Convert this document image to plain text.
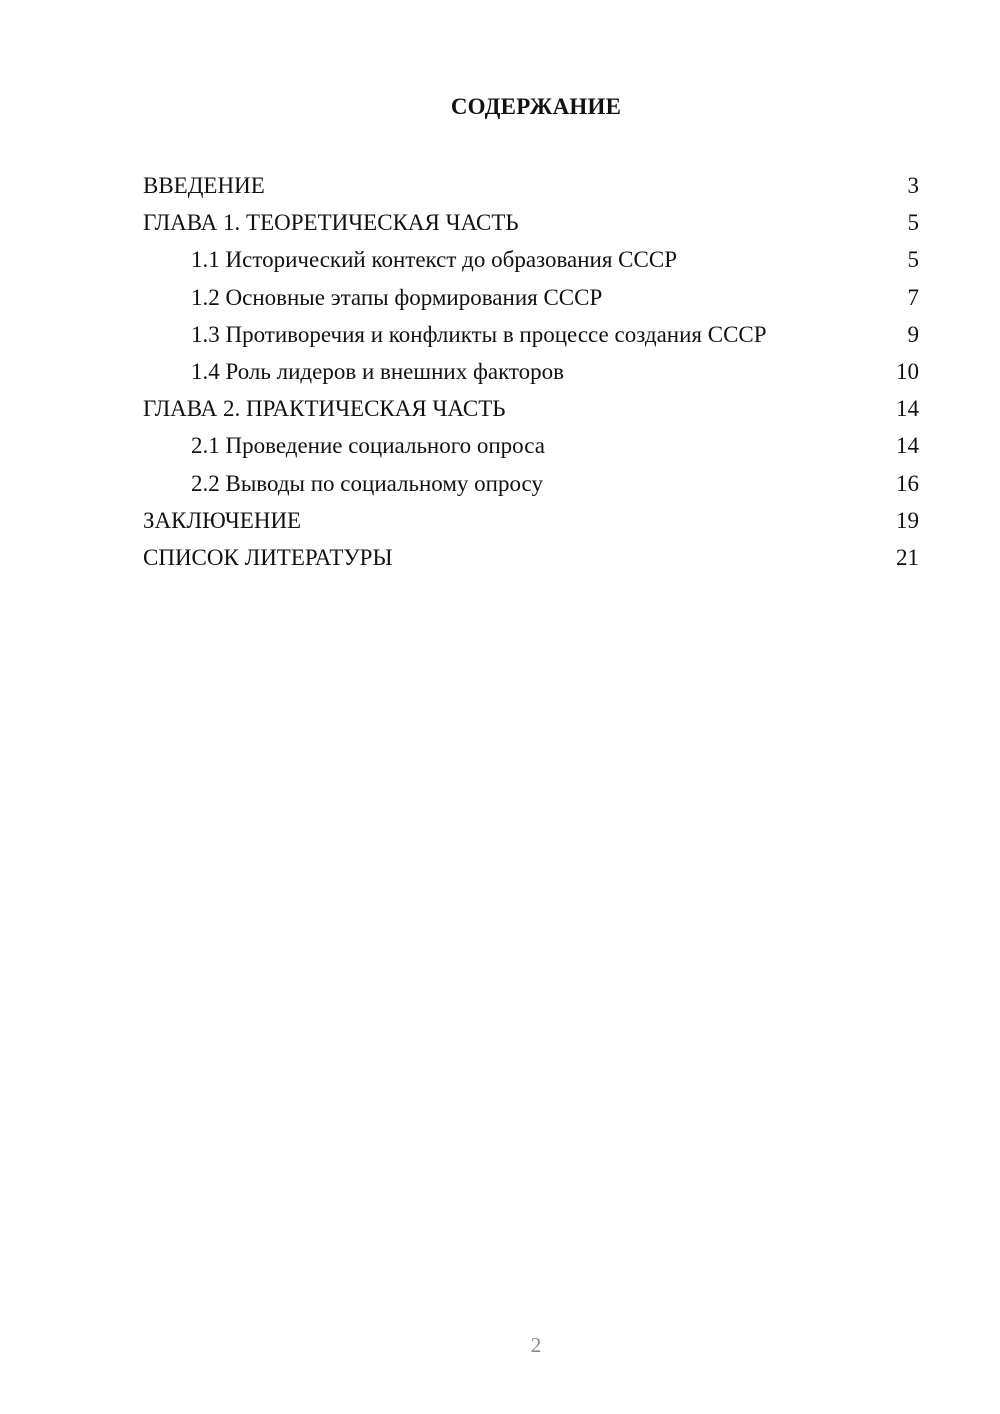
СОДЕРЖАНИЕ
ВВЕДЕНИЕ	3
ГЛАВА 1. ТЕОРЕТИЧЕСКАЯ ЧАСТЬ	5
1.1 Исторический контекст до образования СССР	5
1.2 Основные этапы формирования СССР	7
1.3 Противоречия и конфликты в процессе создания СССР	9
1.4 Роль лидеров и внешних факторов	10
ГЛАВА 2. ПРАКТИЧЕСКАЯ ЧАСТЬ	14
2.1 Проведение социального опроса	14
2.2 Выводы по социальному опросу	16
ЗАКЛЮЧЕНИЕ	19
СПИСОК ЛИТЕРАТУРЫ	21
2
